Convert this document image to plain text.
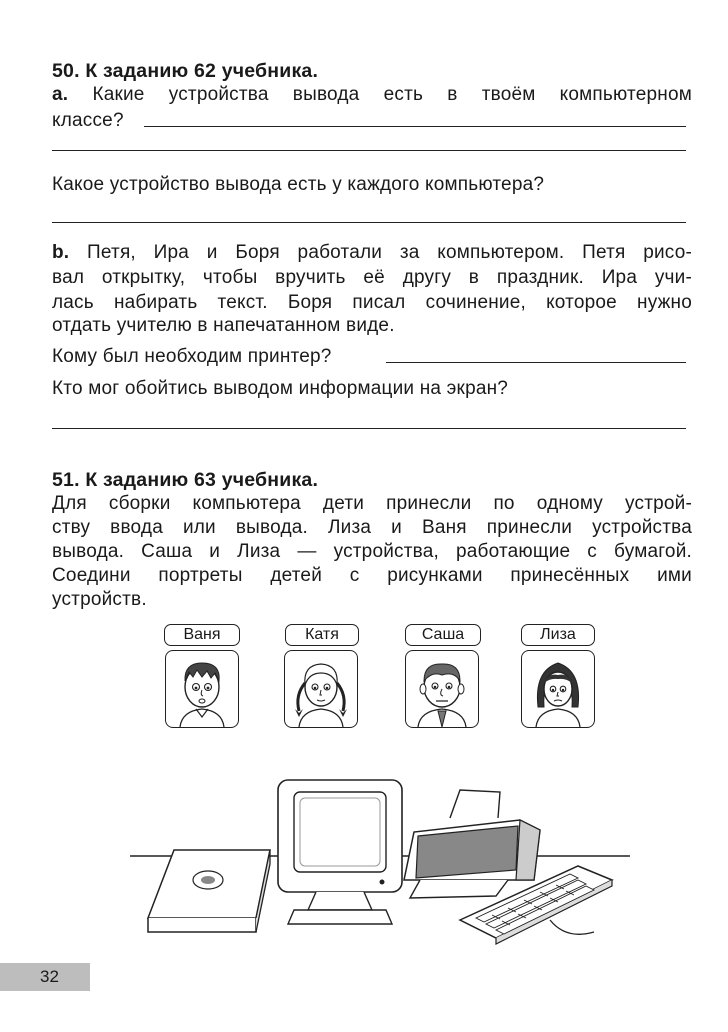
50. К заданию 62 учебника.
а. Какие устройства вывода есть в твоём компьютерном
классе?
Какое устройство вывода есть у каждого компьютера?
b. Петя, Ира и Боря работали за компьютером. Петя рисо-
вал открытку, чтобы вручить её другу в праздник. Ира учи-
лась набирать текст. Боря писал сочинение, которое нужно
отдать учителю в напечатанном виде.
Кому был необходим принтер?
Кто мог обойтись выводом информации на экран?
51. К заданию 63 учебника.
Для сборки компьютера дети принесли по одному устрой-
ству ввода или вывода. Лиза и Ваня принесли устройства
вывода. Саша и Лиза — устройства, работающие с бумагой.
Соедини портреты детей с рисунками принесённых ими
устройств.
Ваня	Катя	Саша	Лиза
32
